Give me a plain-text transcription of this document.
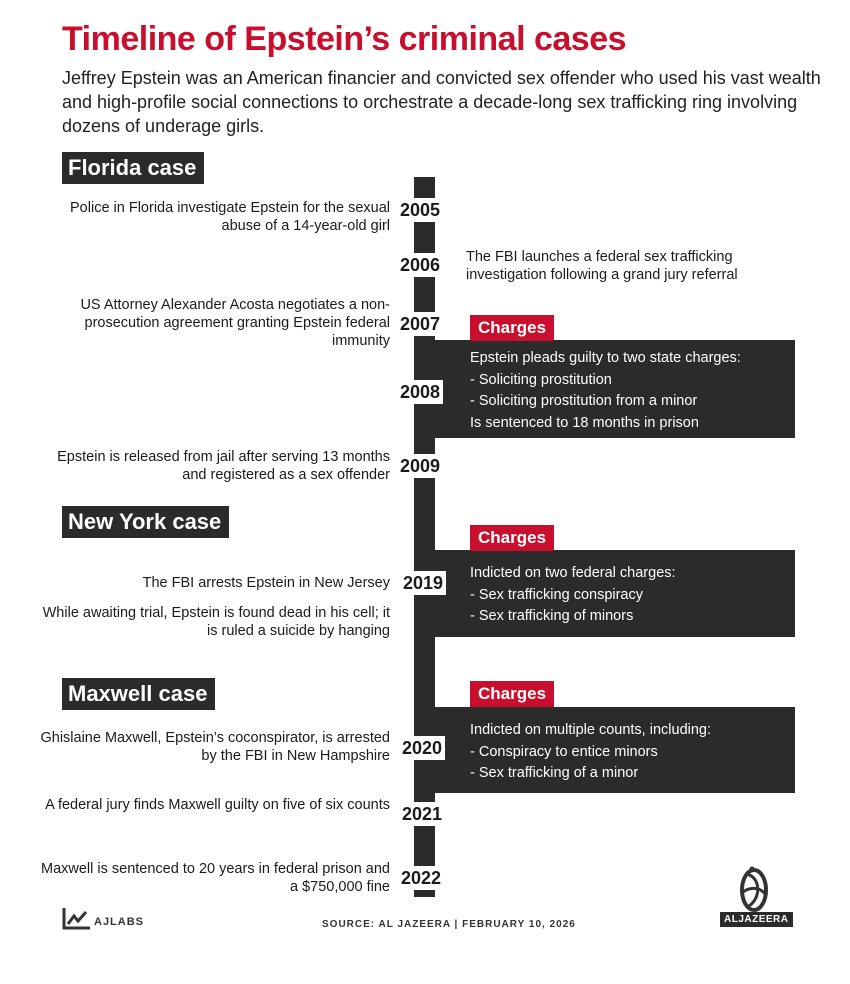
Timeline of Epstein’s criminal cases
Jeffrey Epstein was an American financier and convicted sex offender who used his vast wealth and high-profile social connections to orchestrate a decade-long sex trafficking ring involving dozens of underage girls.
Florida case
New York case
Maxwell case
Epstein pleads guilty to two state charges:
- Soliciting prostitution
- Soliciting prostitution from a minor
Is sentenced to 18 months in prison
Charges
Indicted on two federal charges:
- Sex trafficking conspiracy
- Sex trafficking of minors
Charges
Indicted on multiple counts, including:
- Conspiracy to entice minors
- Sex trafficking of a minor
Charges
2005
2006
2007
2008
2009
2019
2020
2021
2022
Police in Florida investigate Epstein for the sexual abuse of a 14-year-old girl
US Attorney Alexander Acosta negotiates a non-prosecution agreement granting Epstein federal immunity
Epstein is released from jail after serving 13 months and registered as a sex offender
The FBI arrests Epstein in New Jersey
While awaiting trial, Epstein is found dead in his cell; it is ruled a suicide by hanging
Ghislaine Maxwell, Epstein’s coconspirator, is arrested by the FBI in New Hampshire
A federal jury finds Maxwell guilty on five of six counts
Maxwell is sentenced to 20 years in federal prison and a $750,000 fine
The FBI launches a federal sex trafficking investigation following a grand jury referral
AJLABS	SOURCE: AL JAZEERA | FEBRUARY 10, 2026	ALJAZEERA
